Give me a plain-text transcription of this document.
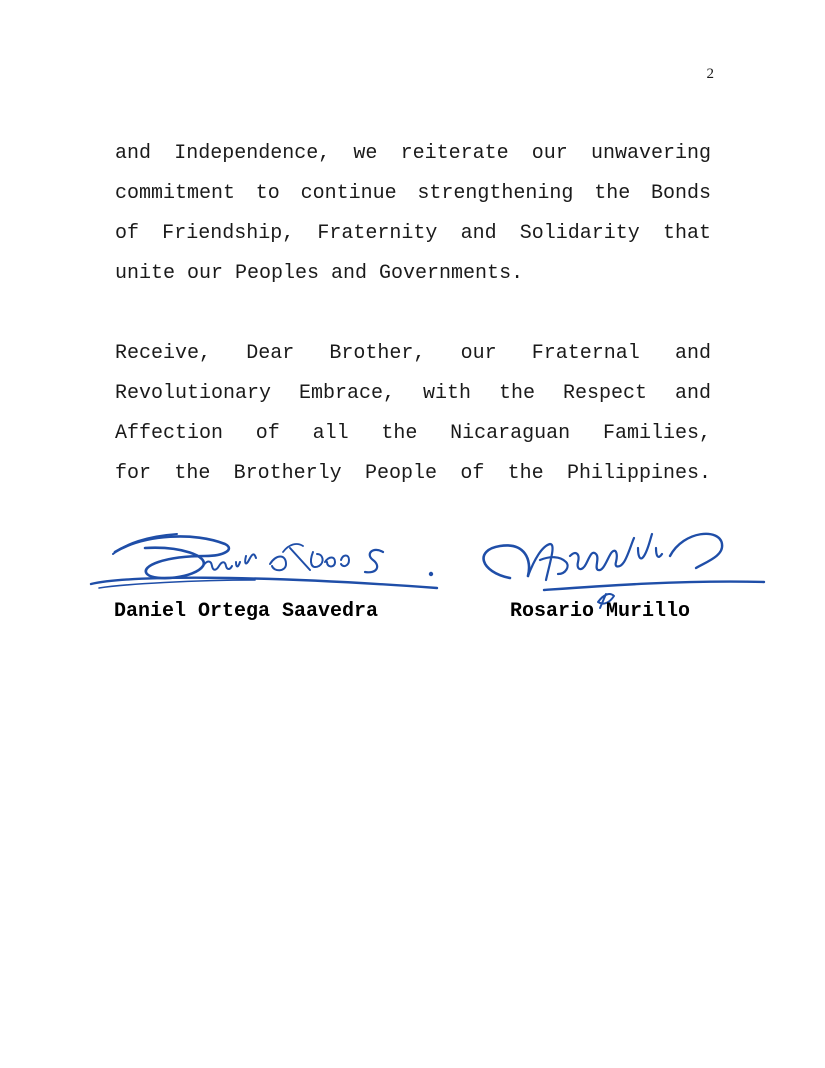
2
and Independence, we reiterate our unwavering
commitment to continue strengthening the Bonds
of Friendship, Fraternity and Solidarity that
unite our Peoples and Governments.
Receive, Dear Brother, our Fraternal and
Revolutionary Embrace, with the Respect and
Affection of all the Nicaraguan Families,
for the Brotherly People of the Philippines.
Daniel Ortega Saavedra	Rosario Murillo
